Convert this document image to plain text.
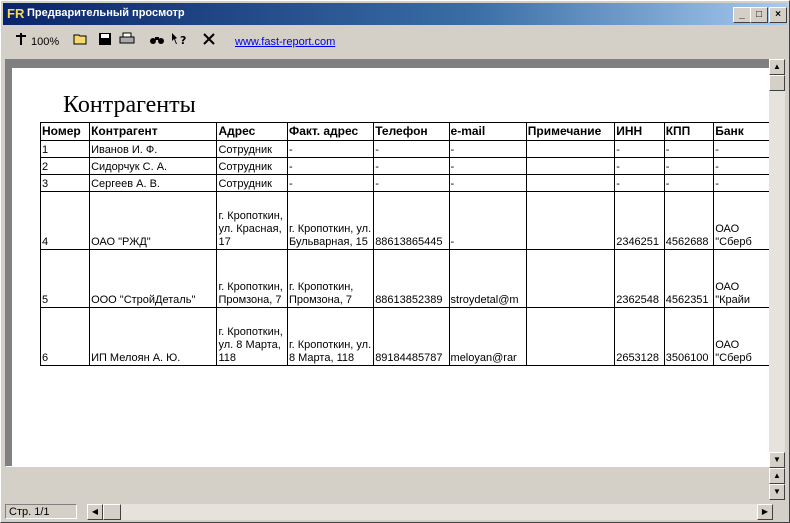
FR Предварительный просмотр	_	□	×
100%	?	www.fast-report.com
Контрагенты
Номер	Контрагент	Адрес	Факт. адрес	Телефон	e-mail	Примечание	ИНН	КПП	Банк
1	Иванов И. Ф.	Сотрудник	-	-	-		-	-	-
2	Сидорчук С. А.	Сотрудник	-	-	-		-	-	-
3	Сергеев А. В.	Сотрудник	-	-	-		-	-	-
4	ОАО "РЖД"	г. Кропоткин, ул. Красная, 17	г. Кропоткин, ул. Бульварная, 15	88613865445	-		2346251	4562688	ОАО "Сберб
5	ООО "СтройДеталь"	г. Кропоткин, Промзона, 7	г. Кропоткин, Промзона, 7	88613852389	stroydetal@m		2362548	4562351	ОАО "Крайи
6	ИП Мелоян А. Ю.	г. Кропоткин, ул. 8 Марта, 118	г. Кропоткин, ул. 8 Марта, 118	89184485787	meloyan@rar		2653128	3506100	ОАО "Сберб
▲
▼
▲
▼
Стр. 1/1	◀	▶
